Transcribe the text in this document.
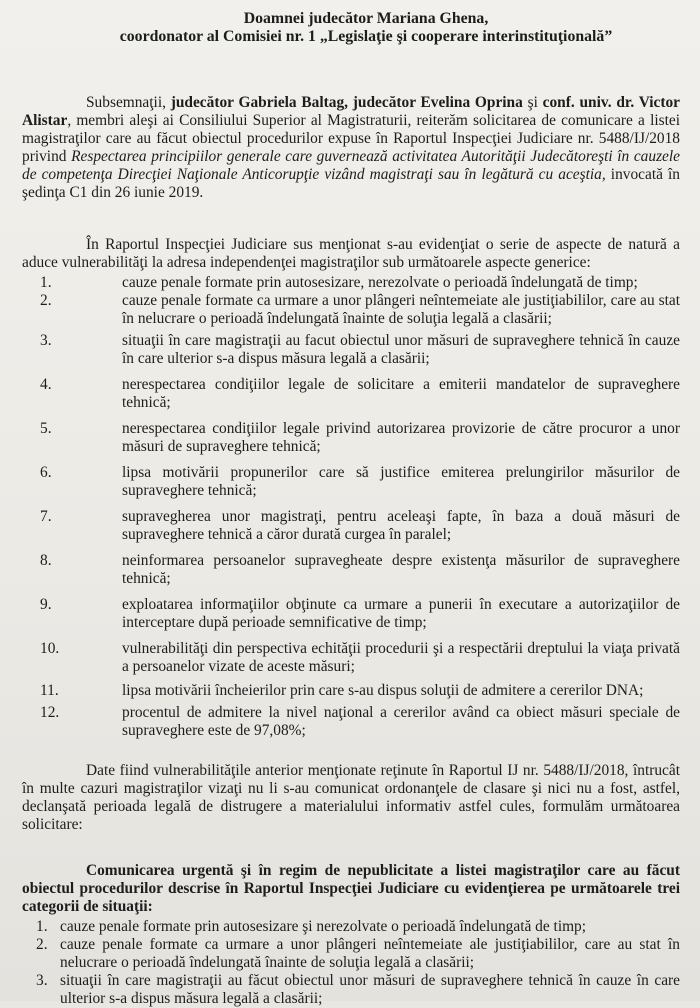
Doamnei judecător Mariana Ghena,
coordonator al Comisiei nr. 1 „Legislaţie şi cooperare interinstituţională”

Subsemnaţii, judecător Gabriela Baltag, judecător Evelina Oprina şi conf. univ. dr. Victor Alistar, membri aleşi ai Consiliului Superior al Magistraturii, reiterăm solicitarea de comunicare a listei magistraţilor care au făcut obiectul procedurilor expuse în Raportul Inspecţiei Judiciare nr. 5488/IJ/2018 privind Respectarea principiilor generale care guvernează activitatea Autorităţii Judecătoreşti în cauzele de competenţa Direcţiei Naţionale Anticorupţie vizând magistraţi sau în legătură cu aceştia, invocată în şedinţa C1 din 26 iunie 2019.

În Raportul Inspecţiei Judiciare sus menţionat s-au evidenţiat o serie de aspecte de natură a aduce vulnerabilităţi la adresa independenţei magistraţilor sub următoarele aspecte generice:

1.	cauze penale formate prin autosesizare, nerezolvate o perioadă îndelungată de timp;
2.	cauze penale formate ca urmare a unor plângeri neîntemeiate ale justiţiabililor, care au stat în nelucrare o perioadă îndelungată înainte de soluţia legală a clasării;
3.	situaţii în care magistraţii au facut obiectul unor măsuri de supraveghere tehnică în cauze în care ulterior s-a dispus măsura legală a clasării;
4.	nerespectarea condiţiilor legale de solicitare a emiterii mandatelor de supraveghere tehnică;
5.	nerespectarea condiţiilor legale privind autorizarea provizorie de către procuror a unor măsuri de supraveghere tehnică;
6.	lipsa motivării propunerilor care să justifice emiterea prelungirilor măsurilor de supraveghere tehnică;
7.	supravegherea unor magistraţi, pentru aceleaşi fapte, în baza a două măsuri de supraveghere tehnică a căror durată curgea în paralel;
8.	neinformarea persoanelor supravegheate despre existenţa măsurilor de supraveghere tehnică;
9.	exploatarea informaţiilor obţinute ca urmare a punerii în executare a autorizaţiilor de interceptare după perioade semnificative de timp;
10.	vulnerabilităţi din perspectiva echităţii procedurii şi a respectării dreptului la viaţa privată a persoanelor vizate de aceste măsuri;
11.	lipsa motivării încheierilor prin care s-au dispus soluţii de admitere a cererilor DNA;
12.	procentul de admitere la nivel naţional a cererilor având ca obiect măsuri speciale de supraveghere este de 97,08%;

Date fiind vulnerabilităţile anterior menţionate reţinute în Raportul IJ nr. 5488/IJ/2018, întrucât în multe cazuri magistraţilor vizaţi nu li s-au comunicat ordonanţele de clasare şi nici nu a fost, astfel, declanşată perioada legală de distrugere a materialului informativ astfel cules, formulăm următoarea solicitare:

Comunicarea urgentă şi în regim de nepublicitate a listei magistraţilor care au făcut obiectul procedurilor descrise în Raportul Inspecţiei Judiciare cu evidenţierea pe următoarele trei categorii de situaţii:

1. cauze penale formate prin autosesizare şi nerezolvate o perioadă îndelungată de timp;
2. cauze penale formate ca urmare a unor plângeri neîntemeiate ale justiţiabililor, care au stat în nelucrare o perioadă îndelungată înainte de soluţia legală a clasării;
3. situaţii în care magistraţii au făcut obiectul unor măsuri de supraveghere tehnică în cauze în care ulterior s-a dispus măsura legală a clasării;
